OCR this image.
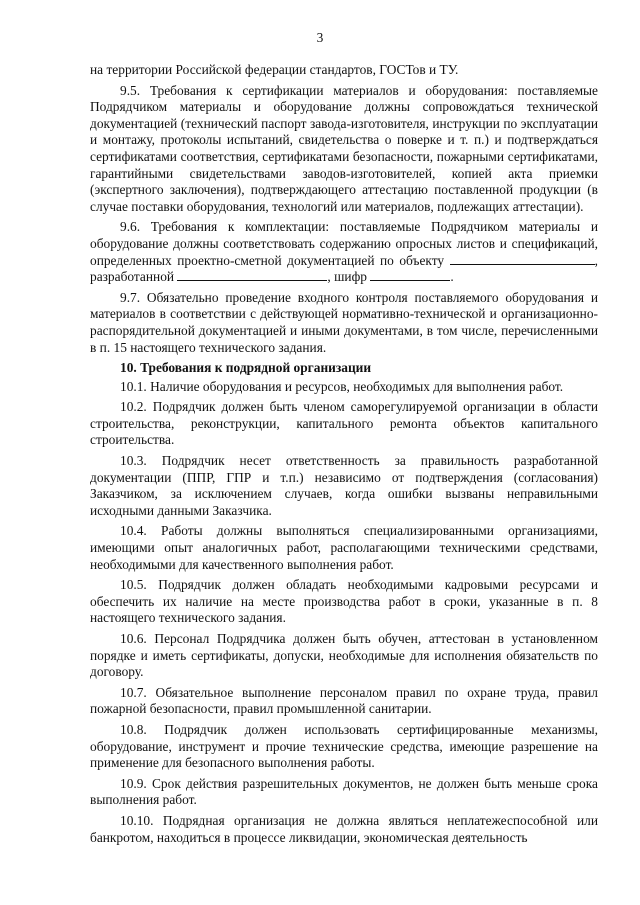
3

на территории Российской федерации стандартов, ГОСТов и ТУ.

9.5. Требования к сертификации материалов и оборудования: поставляемые Подрядчиком материалы и оборудование должны сопровождаться технической документацией (технический паспорт завода-изготовителя, инструкции по эксплуатации и монтажу, протоколы испытаний, свидетельства о поверке и т. п.) и подтверждаться сертификатами соответствия, сертификатами безопасности, пожарными сертификатами, гарантийными свидетельствами заводов-изготовителей, копией акта приемки (экспертного заключения), подтверждающего аттестацию поставленной продукции (в случае поставки оборудования, технологий или материалов, подлежащих аттестации).

9.6. Требования к комплектации: поставляемые Подрядчиком материалы и оборудование должны соответствовать содержанию опросных листов и спецификаций, определенных проектно-сметной документацией по объекту	, разработанной	, шифр	.

9.7. Обязательно проведение входного контроля поставляемого оборудования и материалов в соответствии с действующей нормативно-технической и организационно-распорядительной документацией и иными документами, в том числе, перечисленными в п. 15 настоящего технического задания.

10. Требования к подрядной организации

10.1. Наличие оборудования и ресурсов, необходимых для выполнения работ.

10.2. Подрядчик должен быть членом саморегулируемой организации в области строительства, реконструкции, капитального ремонта объектов капитального строительства.

10.3. Подрядчик несет ответственность за правильность разработанной документации (ППР, ГПР и т.п.) независимо от подтверждения (согласования) Заказчиком, за исключением случаев, когда ошибки вызваны неправильными исходными данными Заказчика.

10.4. Работы должны выполняться специализированными организациями, имеющими опыт аналогичных работ, располагающими техническими средствами, необходимыми для качественного выполнения работ.

10.5. Подрядчик должен обладать необходимыми кадровыми ресурсами и обеспечить их наличие на месте производства работ в сроки, указанные в п. 8 настоящего технического задания.

10.6. Персонал Подрядчика должен быть обучен, аттестован в установленном порядке и иметь сертификаты, допуски, необходимые для исполнения обязательств по договору.

10.7. Обязательное выполнение персоналом правил по охране труда, правил пожарной безопасности, правил промышленной санитарии.

10.8. Подрядчик должен использовать сертифицированные механизмы, оборудование, инструмент и прочие технические средства, имеющие разрешение на применение для безопасного выполнения работы.

10.9. Срок действия разрешительных документов, не должен быть меньше срока выполнения работ.

10.10. Подрядная организация не должна являться неплатежеспособной или банкротом, находиться в процессе ликвидации, экономическая деятельность
